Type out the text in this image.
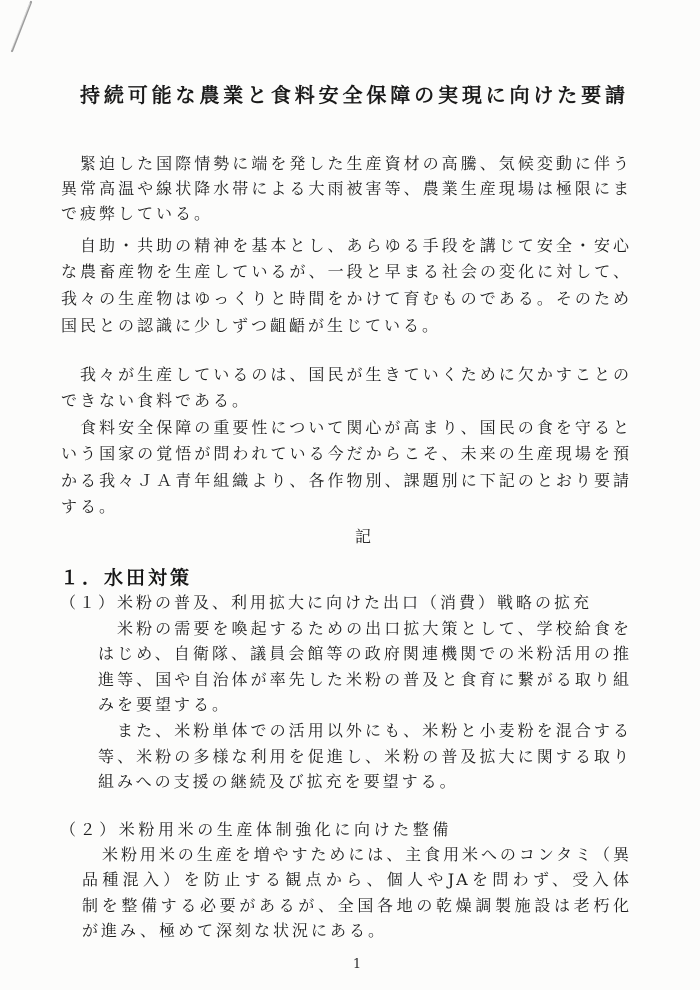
持続可能な農業と食料安全保障の実現に向けた要請
緊迫した国際情勢に端を発した生産資材の高騰、気候変動に伴う
異常高温や線状降水帯による大雨被害等、農業生産現場は極限にま
で疲弊している。
自助・共助の精神を基本とし、あらゆる手段を講じて安全・安心
な農畜産物を生産しているが、一段と早まる社会の変化に対して、
我々の生産物はゆっくりと時間をかけて育むものである。そのため
国民との認識に少しずつ齟齬が生じている。
我々が生産しているのは、国民が生きていくために欠かすことの
できない食料である。
食料安全保障の重要性について関心が高まり、国民の食を守ると
いう国家の覚悟が問われている今だからこそ、未来の生産現場を預
かる我々ＪＡ青年組織より、各作物別、課題別に下記のとおり要請
する。
記
１．水田対策
（１）米粉の普及、利用拡大に向けた出口（消費）戦略の拡充
米粉の需要を喚起するための出口拡大策として、学校給食を
はじめ、自衛隊、議員会館等の政府関連機関での米粉活用の推
進等、国や自治体が率先した米粉の普及と食育に繋がる取り組
みを要望する。
また、米粉単体での活用以外にも、米粉と小麦粉を混合する
等、米粉の多様な利用を促進し、米粉の普及拡大に関する取り
組みへの支援の継続及び拡充を要望する。
（２）米粉用米の生産体制強化に向けた整備
米粉用米の生産を増やすためには、主食用米へのコンタミ（異
品種混入）を防止する観点から、個人やJAを問わず、受入体
制を整備する必要があるが、全国各地の乾燥調製施設は老朽化
が進み、極めて深刻な状況にある。
1
